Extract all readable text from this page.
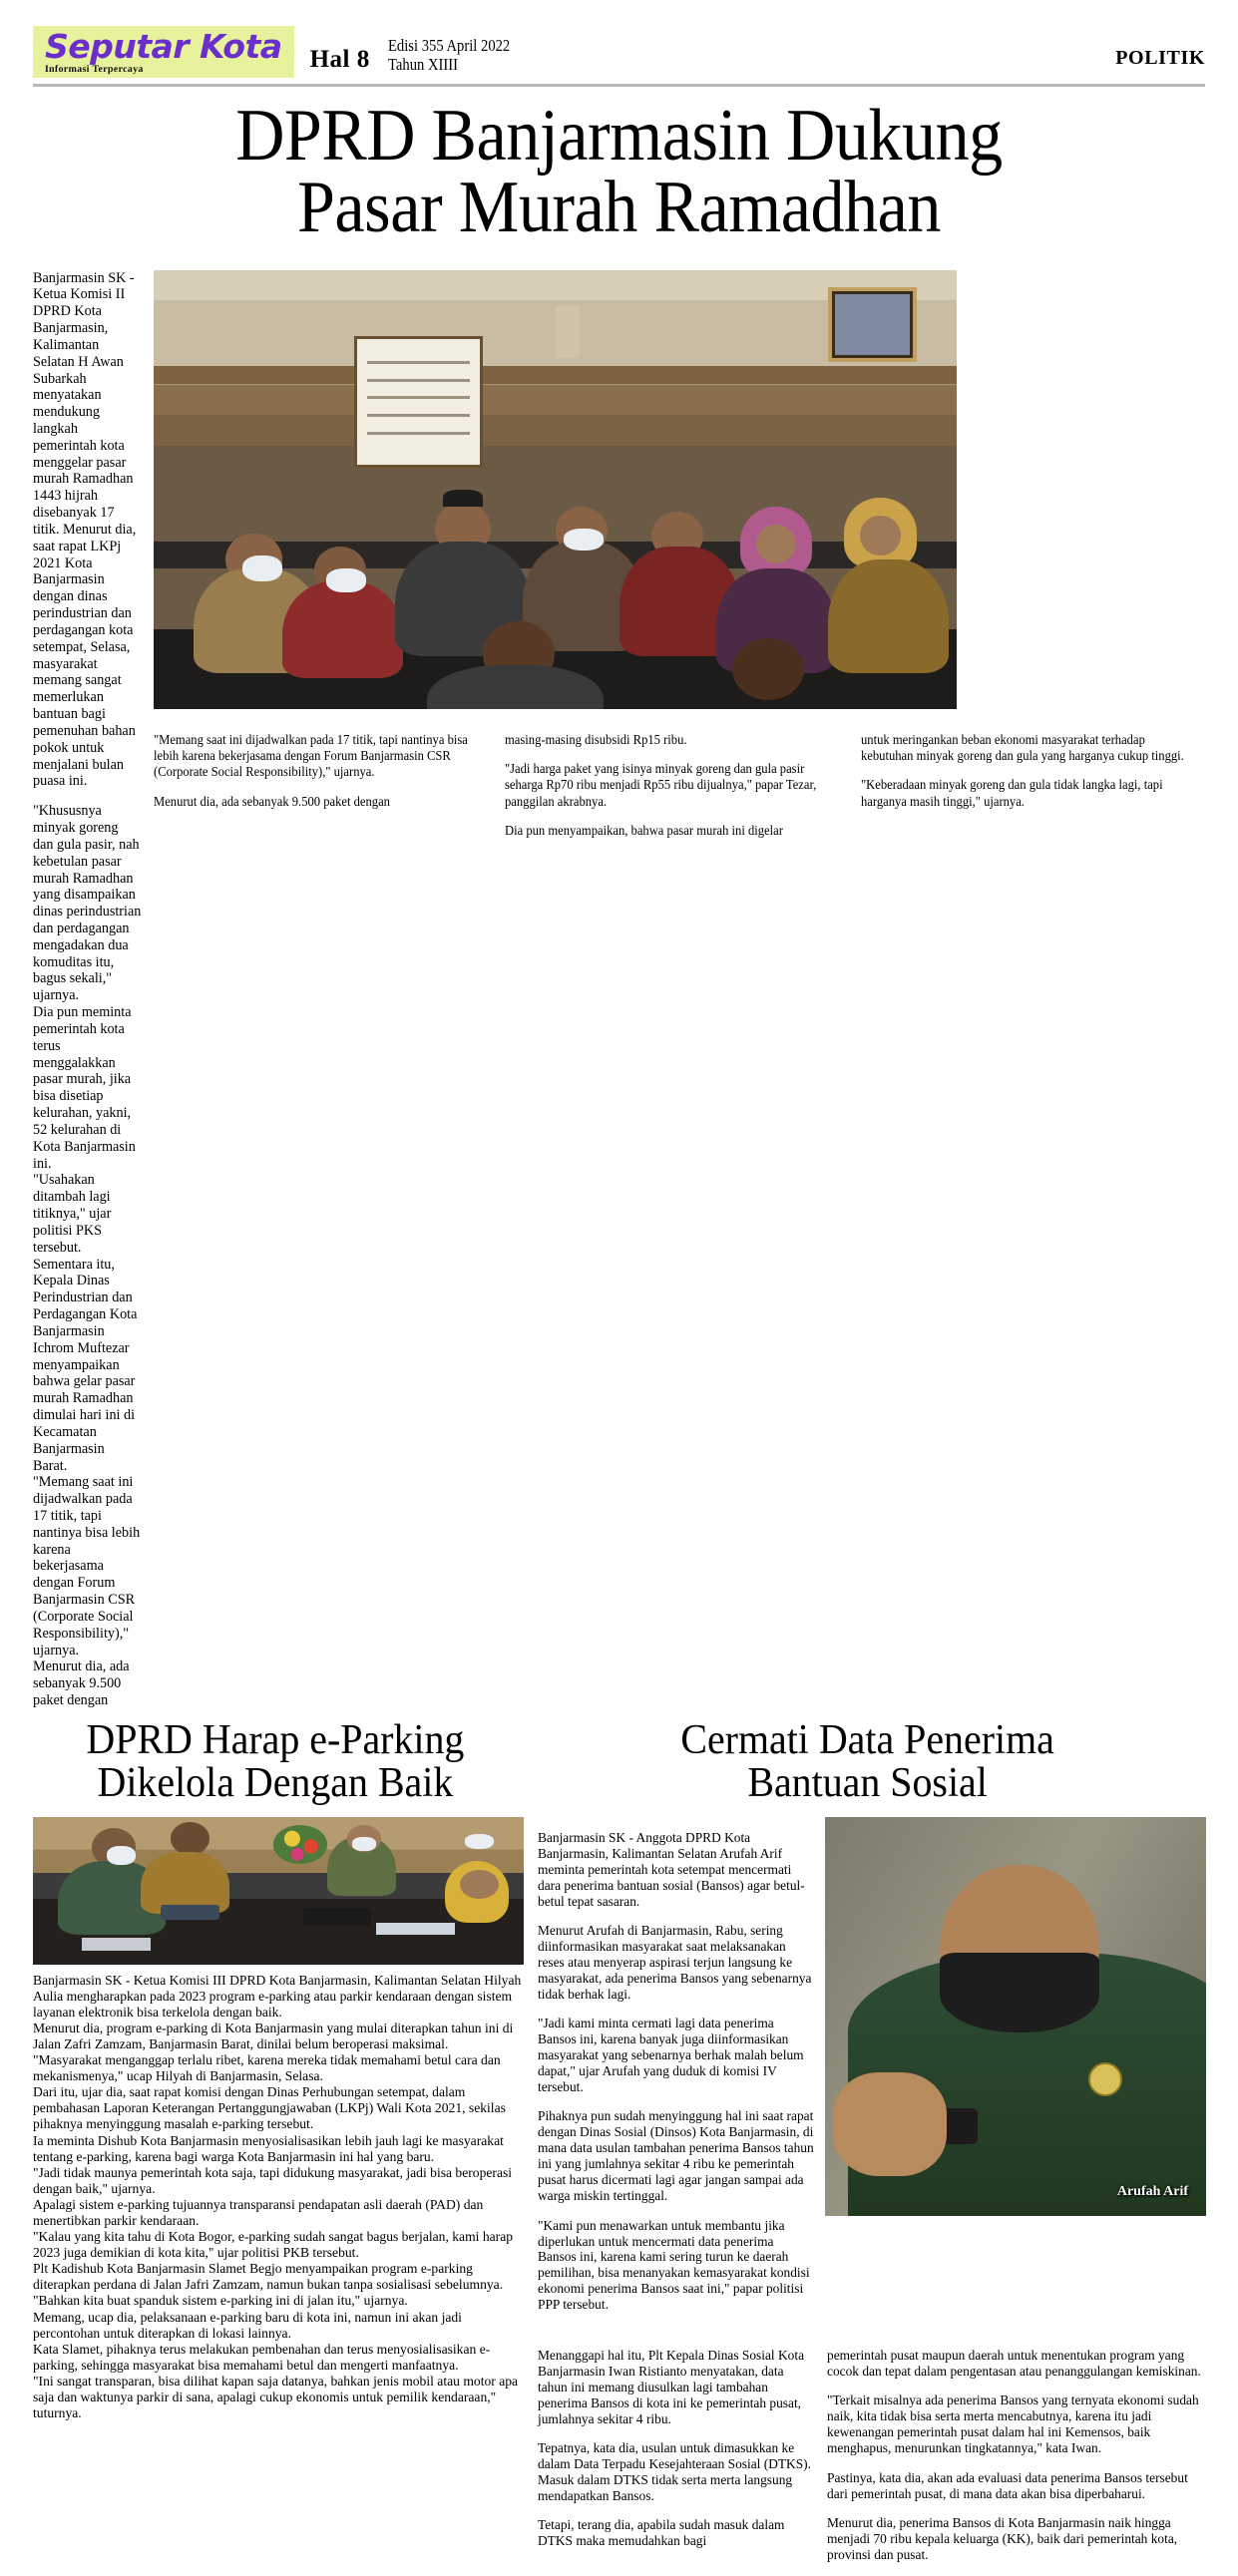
Seputar Kota
Informasi Terpercaya	Hal 8
Edisi 355 April 2022
Tahun XIIII	POLITIK
DPRD Banjarmasin Dukung
Pasar Murah Ramadhan

Banjarmasin SK - Ketua Komisi II DPRD Kota Banjarmasin, Kalimantan Selatan H Awan Subarkah menyatakan mendukung langkah pemerintah kota menggelar pasar murah Ramadhan 1443 hijrah disebanyak 17 titik. Menurut dia, saat rapat LKPj 2021 Kota Banjarmasin dengan dinas perindustrian dan perdagangan kota setempat, Selasa, masyarakat memang sangat memerlukan bantuan bagi pemenuhan bahan pokok untuk menjalani bulan puasa ini.

"Khususnya minyak goreng dan gula pasir, nah kebetulan pasar murah Ramadhan yang disampaikan dinas perindustrian dan perdagangan mengadakan dua komuditas itu, bagus sekali," ujarnya.

Dia pun meminta pemerintah kota terus menggalakkan pasar murah, jika bisa disetiap kelurahan, yakni, 52 kelurahan di Kota Banjarmasin ini.

"Usahakan ditambah lagi titiknya," ujar politisi PKS tersebut.

Sementara itu, Kepala Dinas Perindustrian dan Perdagangan Kota Banjarmasin Ichrom Muftezar menyampaikan bahwa gelar pasar murah Ramadhan dimulai hari ini di Kecamatan Banjarmasin Barat.

"Memang saat ini dijadwalkan pada 17 titik, tapi nantinya bisa lebih karena bekerjasama dengan Forum Banjarmasin CSR (Corporate Social Responsibility)," ujarnya.

Menurut dia, ada sebanyak 9.500 paket dengan

"Memang saat ini dijadwalkan pada 17 titik, tapi nantinya bisa lebih karena bekerjasama dengan Forum Banjarmasin CSR (Corporate Social Responsibility)," ujarnya.

Menurut dia, ada sebanyak 9.500 paket dengan

masing-masing disubsidi Rp15 ribu.

"Jadi harga paket yang isinya minyak goreng dan gula pasir seharga Rp70 ribu menjadi Rp55 ribu dijualnya," papar Tezar, panggilan akrabnya.

Dia pun menyampaikan, bahwa pasar murah ini digelar

untuk meringankan beban ekonomi masyarakat terhadap kebutuhan minyak goreng dan gula yang harganya cukup tinggi.

"Keberadaan minyak goreng dan gula tidak langka lagi, tapi harganya masih tinggi," ujarnya.

DPRD Harap e-Parking
Dikelola Dengan Baik
Cermati Data Penerima
Bantuan Sosial

Banjarmasin SK - Ketua Komisi III DPRD Kota Banjarmasin, Kalimantan Selatan Hilyah Aulia mengharapkan pada 2023 program e-parking atau parkir kendaraan dengan sistem layanan elektronik bisa terkelola dengan baik.

Menurut dia, program e-parking di Kota Banjarmasin yang mulai diterapkan tahun ini di Jalan Zafri Zamzam, Banjarmasin Barat, dinilai belum beroperasi maksimal.

"Masyarakat menganggap terlalu ribet, karena mereka tidak memahami betul cara dan mekanismenya," ucap Hilyah di Banjarmasin, Selasa.

Dari itu, ujar dia, saat rapat komisi dengan Dinas Perhubungan setempat, dalam pembahasan Laporan Keterangan Pertanggungjawaban (LKPj) Wali Kota 2021, sekilas pihaknya menyinggung masalah e-parking tersebut.

Ia meminta Dishub Kota Banjarmasin menyosialisasikan lebih jauh lagi ke masyarakat tentang e-parking, karena bagi warga Kota Banjarmasin ini hal yang baru.

"Jadi tidak maunya pemerintah kota saja, tapi didukung masyarakat, jadi bisa beroperasi dengan baik," ujarnya.

Apalagi sistem e-parking tujuannya transparansi pendapatan asli daerah (PAD) dan menertibkan parkir kendaraan.

"Kalau yang kita tahu di Kota Bogor, e-parking sudah sangat bagus berjalan, kami harap 2023 juga demikian di kota kita," ujar politisi PKB tersebut.

Plt Kadishub Kota Banjarmasin Slamet Begjo menyampaikan program e-parking diterapkan perdana di Jalan Jafri Zamzam, namun bukan tanpa sosialisasi sebelumnya.

"Bahkan kita buat spanduk sistem e-parking ini di jalan itu," ujarnya.

Memang, ucap dia, pelaksanaan e-parking baru di kota ini, namun ini akan jadi percontohan untuk diterapkan di lokasi lainnya.

Kata Slamet, pihaknya terus melakukan pembenahan dan terus menyosialisasikan e-parking, sehingga masyarakat bisa memahami betul dan mengerti manfaatnya.

"Ini sangat transparan, bisa dilihat kapan saja datanya, bahkan jenis mobil atau motor apa saja dan waktunya parkir di sana, apalagi cukup ekonomis untuk pemilik kendaraan," tuturnya.

Banjarmasin SK - Anggota DPRD Kota Banjarmasin, Kalimantan Selatan Arufah Arif meminta pemerintah kota setempat mencermati dara penerima bantuan sosial (Bansos) agar betul-betul tepat sasaran.

Menurut Arufah di Banjarmasin, Rabu, sering diinformasikan masyarakat saat melaksanakan reses atau menyerap aspirasi terjun langsung ke masyarakat, ada penerima Bansos yang sebenarnya tidak berhak lagi.

"Jadi kami minta cermati lagi data penerima Bansos ini, karena banyak juga diinformasikan masyarakat yang sebenarnya berhak malah belum dapat," ujar Arufah yang duduk di komisi IV tersebut.

Pihaknya pun sudah menyinggung hal ini saat rapat dengan Dinas Sosial (Dinsos) Kota Banjarmasin, di mana data usulan tambahan penerima Bansos tahun ini yang jumlahnya sekitar 4 ribu ke pemerintah pusat harus dicermati lagi agar jangan sampai ada warga miskin tertinggal.

"Kami pun menawarkan untuk membantu jika diperlukan untuk mencermati data penerima Bansos ini, karena kami sering turun ke daerah pemilihan, bisa menanyakan kemasyarakat kondisi ekonomi penerima Bansos saat ini," papar politisi PPP tersebut.

Arufah Arif

Menanggapi hal itu, Plt Kepala Dinas Sosial Kota Banjarmasin Iwan Ristianto menyatakan, data tahun ini memang diusulkan lagi tambahan penerima Bansos di kota ini ke pemerintah pusat, jumlahnya sekitar 4 ribu.

Tepatnya, kata dia, usulan untuk dimasukkan ke dalam Data Terpadu Kesejahteraan Sosial (DTKS). Masuk dalam DTKS tidak serta merta langsung mendapatkan Bansos.

Tetapi, terang dia, apabila sudah masuk dalam DTKS maka memudahkan bagi

pemerintah pusat maupun daerah untuk menentukan program yang cocok dan tepat dalam pengentasan atau penanggulangan kemiskinan.

"Terkait misalnya ada penerima Bansos yang ternyata ekonomi sudah naik, kita tidak bisa serta merta mencabutnya, karena itu jadi kewenangan pemerintah pusat dalam hal ini Kemensos, baik menghapus, menurunkan tingkatannya," kata Iwan.

Pastinya, kata dia, akan ada evaluasi data penerima Bansos tersebut dari pemerintah pusat, di mana data akan bisa diperbaharui.

Menurut dia, penerima Bansos di Kota Banjarmasin naik hingga menjadi 70 ribu kepala keluarga (KK), baik dari pemerintah kota, provinsi dan pusat.
